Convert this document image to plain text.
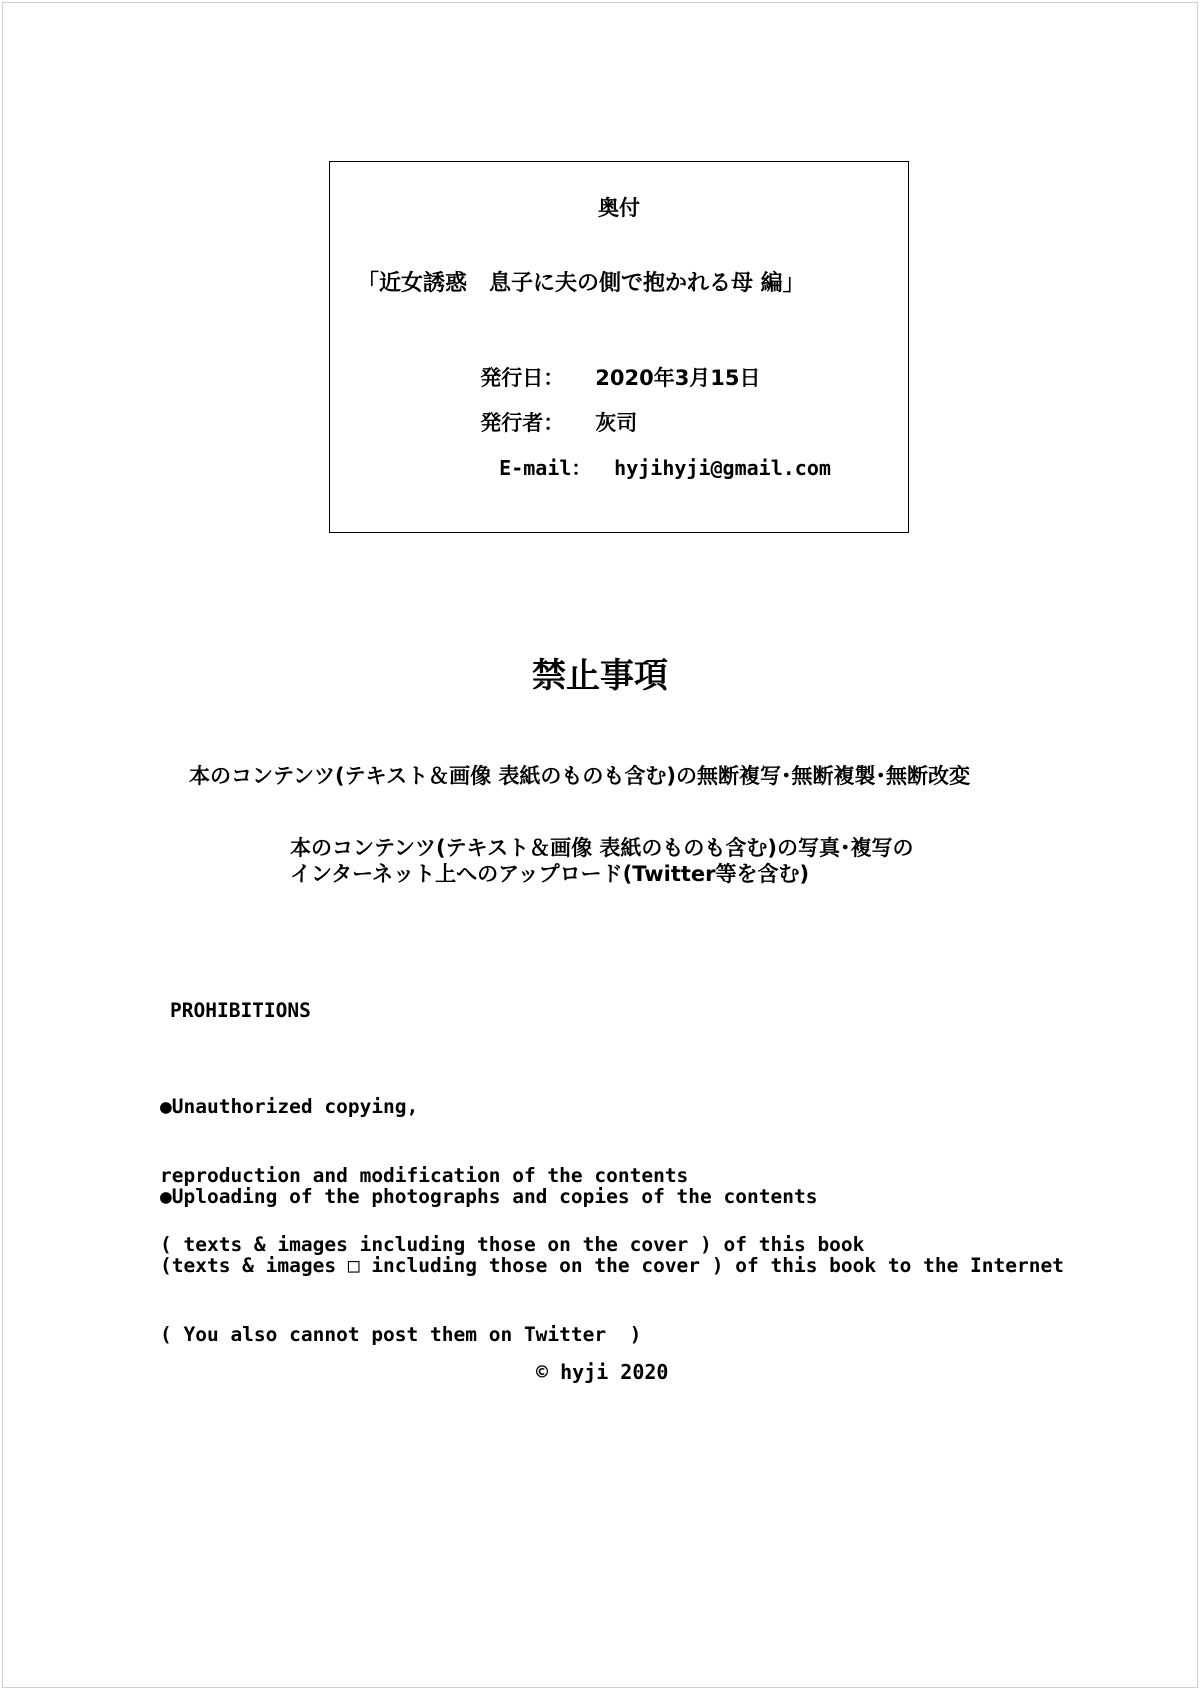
奥付
「近女誘惑　息子に夫の側で抱かれる母 編」

発行日： 2020年3月15日

発行者： 灰司

E-mail： hyjihyji@gmail.com

禁止事項
本のコンテンツ(テキスト＆画像 表紙のものも含む)の無断複写･無断複製･無断改変
本のコンテンツ(テキスト＆画像 表紙のものも含む)の写真･複写の
インターネット上へのアップロード(Twitter等を含む)
PROHIBITIONS

●Unauthorized copying,

reproduction and modification of the contents

( texts & images including those on the cover ) of this book

●Uploading of the photographs and copies of the contents

(texts & images □ including those on the cover ) of this book to the Internet

( You also cannot post them on Twitter  )

© hyji 2020
